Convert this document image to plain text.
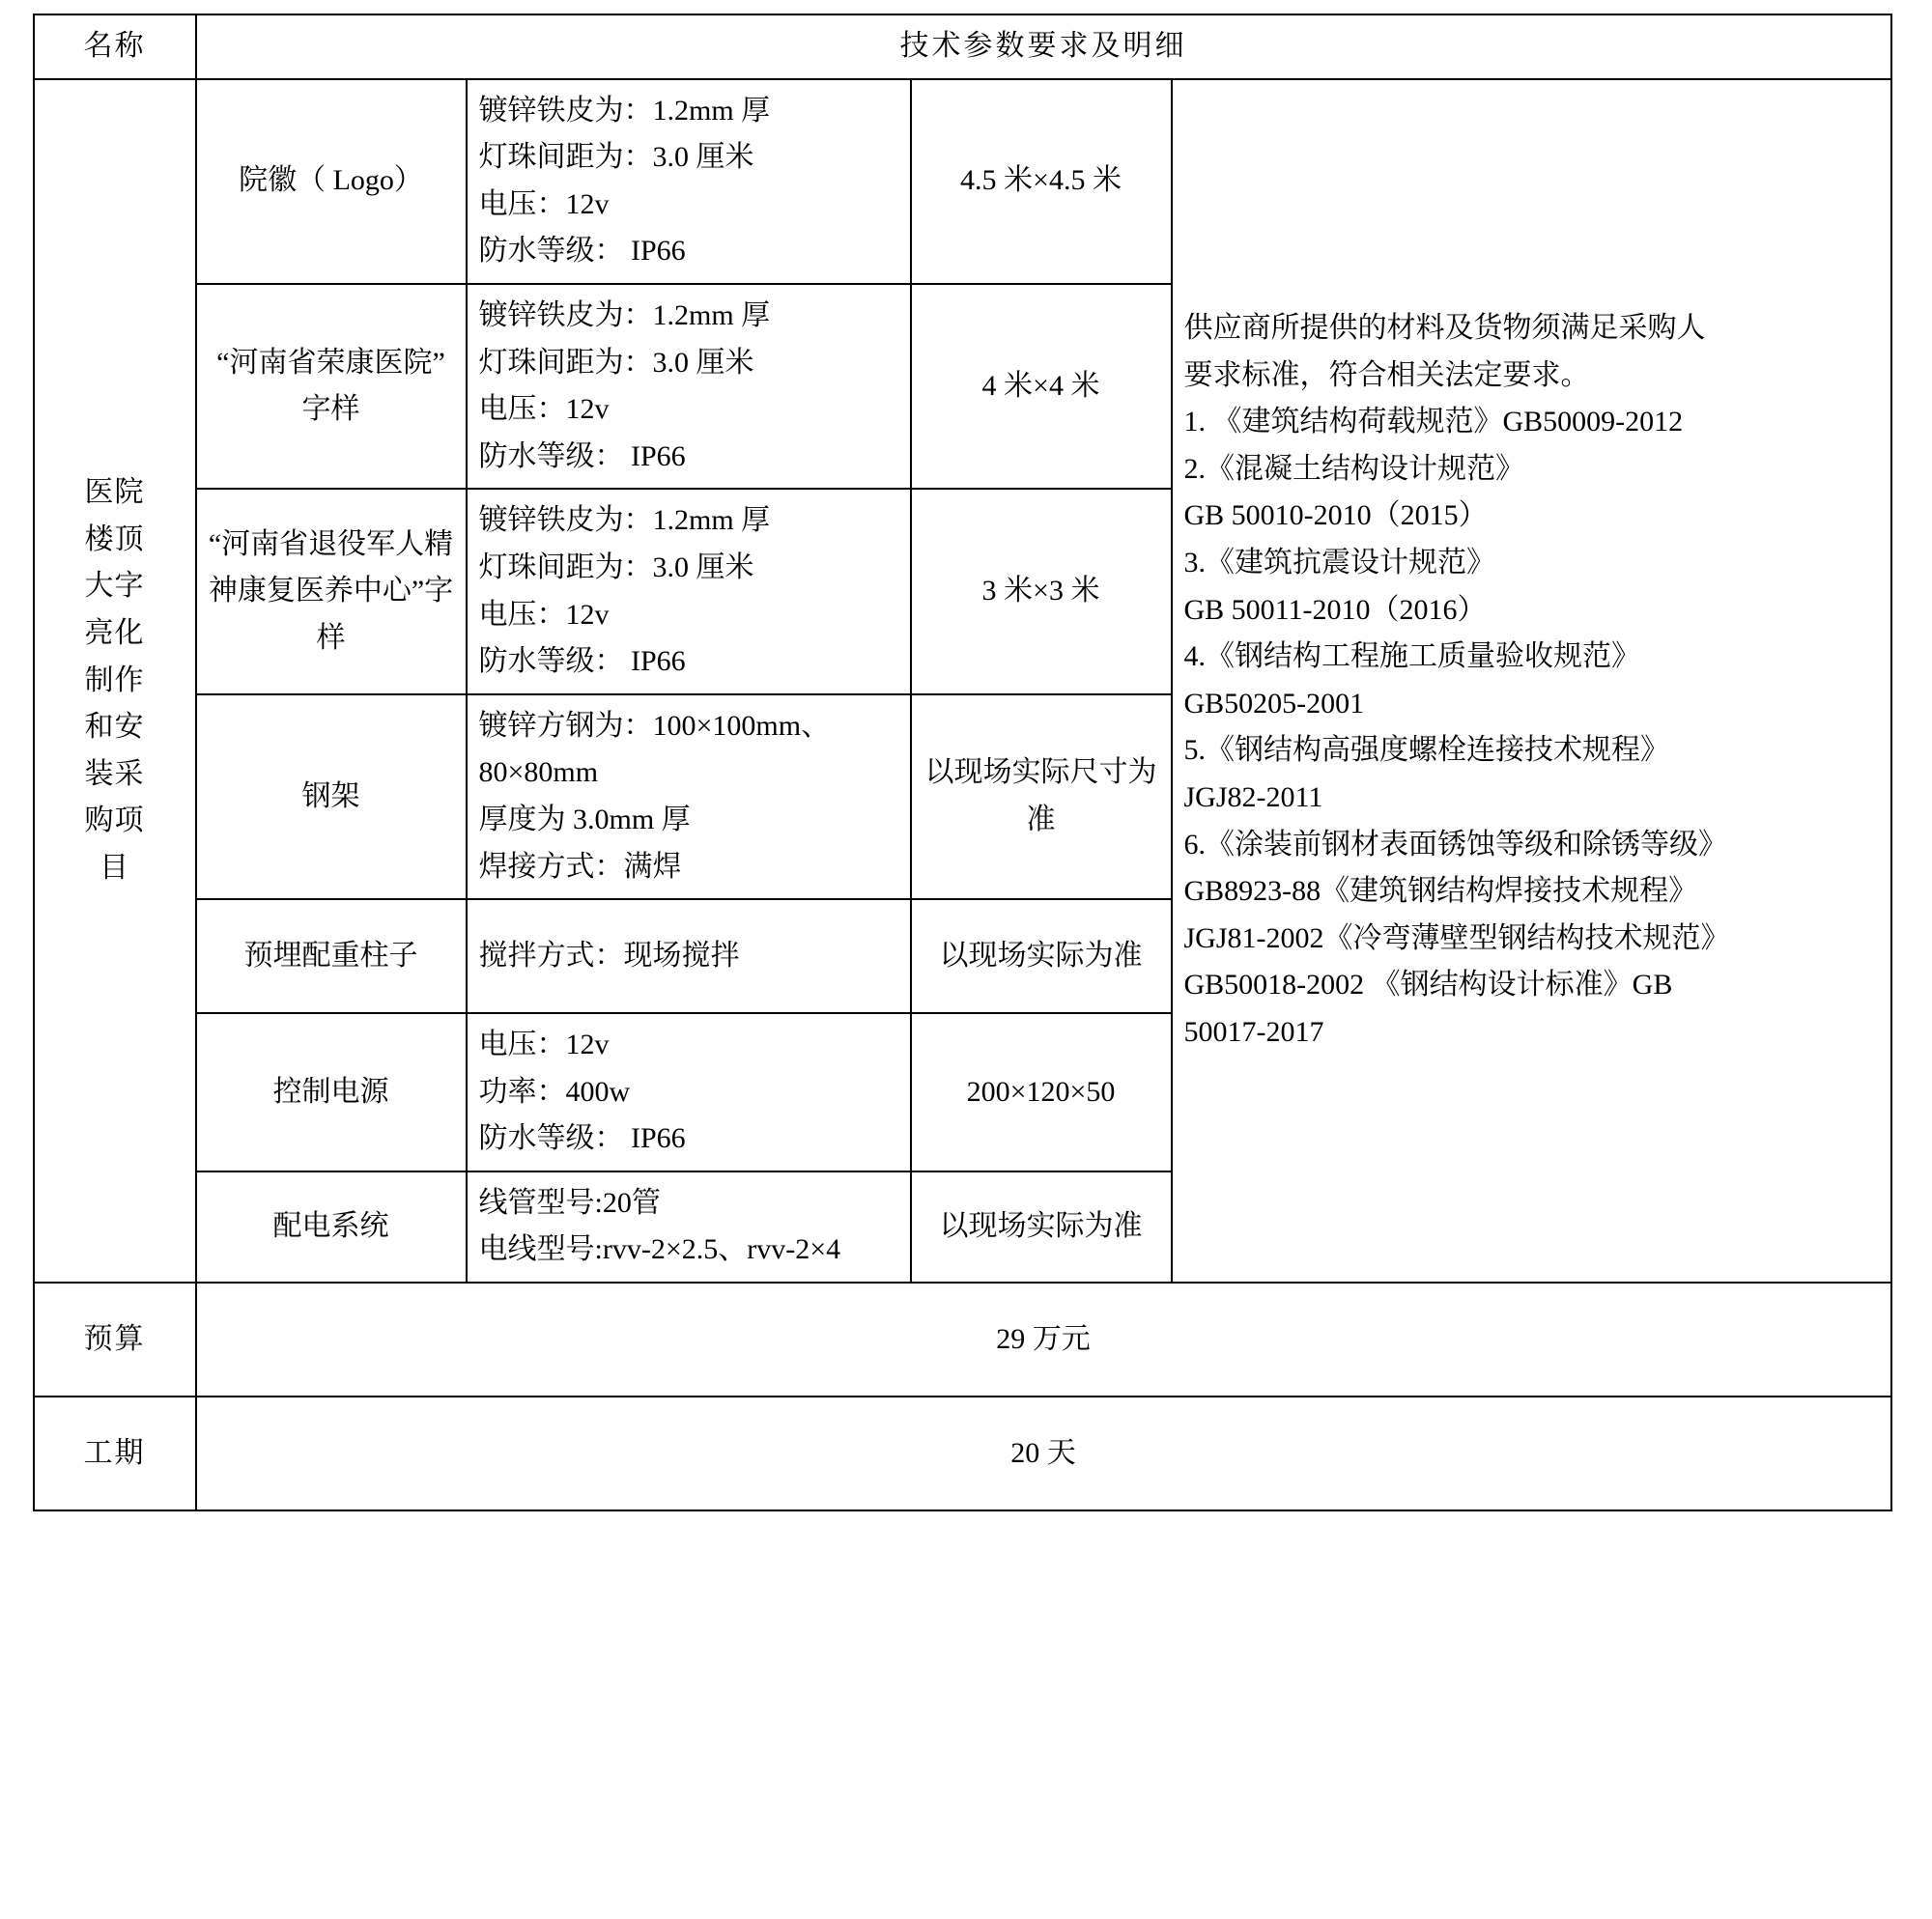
名称	技术参数要求及明细			

医院
楼顶
大字
亮化
制作
和安
装采
购项
目
	院徽（ Logo）	
镀锌铁皮为：1.2mm 厚
灯珠间距为：3.0 厘米
电压：12v
防水等级： IP66
	4.5 米×4.5 米	
供应商所提供的材料及货物须满足采购人
要求标准，符合相关法定要求。
1. 《建筑结构荷载规范》GB50009-2012
2.《混凝土结构设计规范》
GB 50010-2010（2015）
3.《建筑抗震设计规范》
GB 50011-2010（2016）
4.《钢结构工程施工质量验收规范》
GB50205-2001
5.《钢结构高强度螺栓连接技术规程》
JGJ82-2011
6.《涂装前钢材表面锈蚀等级和除锈等级》
GB8923-88《建筑钢结构焊接技术规程》
JGJ81-2002《冷弯薄壁型钢结构技术规范》
GB50018-2002 《钢结构设计标准》GB
50017-2017

	“河南省荣康医院”字样	镀锌铁皮为：1.2mm 厚
灯珠间距为：3.0 厘米
电压：12v
防水等级： IP66	4 米×4 米	
	“河南省退役军人精神康复医养中心”字样	镀锌铁皮为：1.2mm 厚
灯珠间距为：3.0 厘米
电压：12v
防水等级： IP66	3 米×3 米	
	钢架	镀锌方钢为：100×100mm、80×80mm
厚度为 3.0mm 厚
焊接方式：满焊	以现场实际尺寸为准	
	预埋配重柱子	搅拌方式：现场搅拌	以现场实际为准	
	控制电源	电压：12v
功率：400w
防水等级： IP66	200×120×50	
	配电系统	线管型号:20管
电线型号:rvv-2×2.5、rvv-2×4	以现场实际为准	
预算	29 万元			
工期	20 天			
